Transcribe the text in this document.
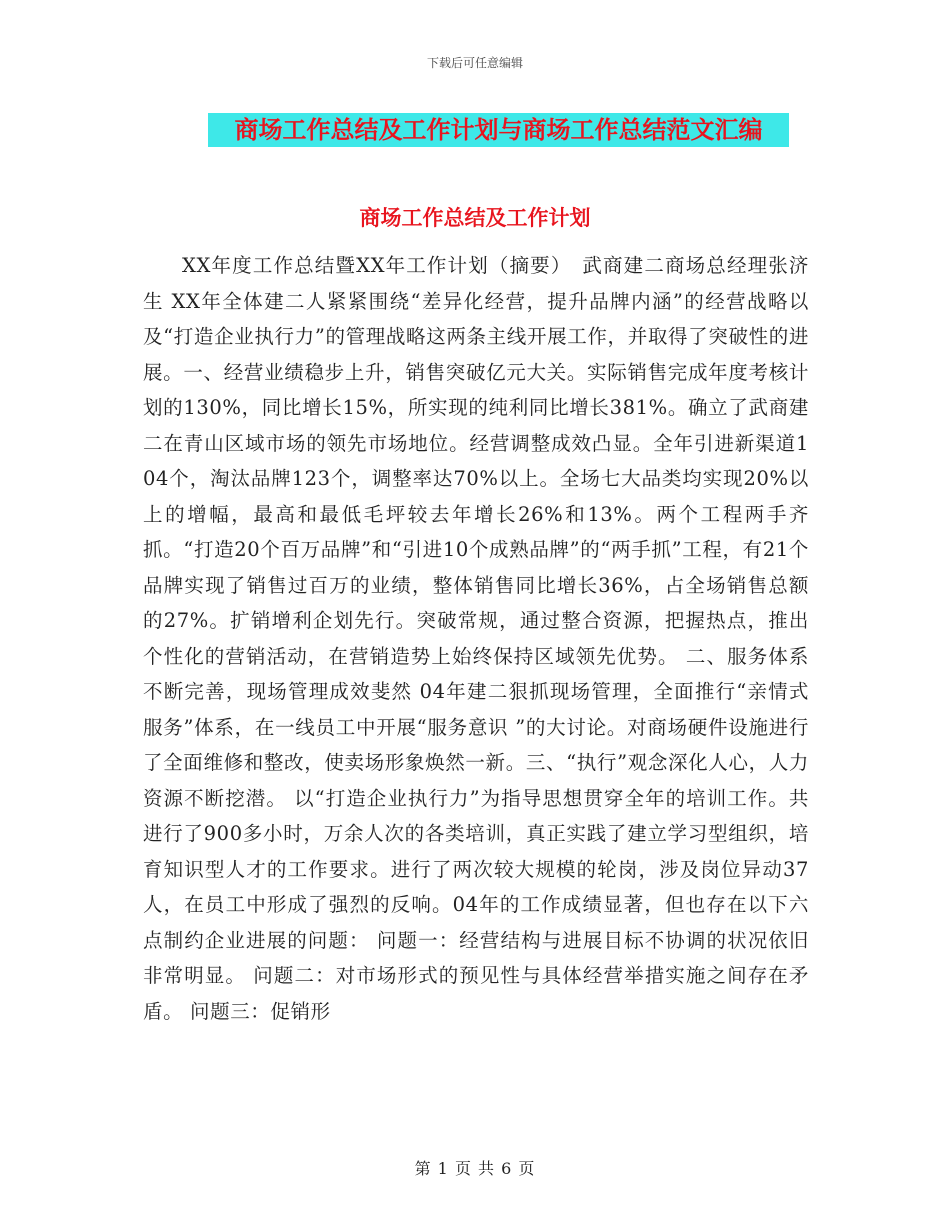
下载后可任意编辑
商场工作总结及工作计划与商场工作总结范文汇编
商场工作总结及工作计划

XX年度工作总结暨XX年工作计划（摘要）　武商建二商场总经理张济生 XX年全体建二人紧紧围绕“差异化经营，提升品牌内涵”的经营战略以及“打造企业执行力”的管理战略这两条主线开展工作，并取得了突破性的进展。一、经营业绩稳步上升，销售突破亿元大关。实际销售完成年度考核计划的130%，同比增长15%，所实现的纯利同比增长381%。确立了武商建二在青山区域市场的领先市场地位。经营调整成效凸显。全年引进新渠道104个，淘汰品牌123个，调整率达70%以上。全场七大品类均实现20%以上的增幅，最高和最低毛坪较去年增长26%和13%。两个工程两手齐抓。“打造20个百万品牌”和“引进10个成熟品牌”的“两手抓”工程，有21个品牌实现了销售过百万的业绩，整体销售同比增长36%，占全场销售总额的27%。扩销增利企划先行。突破常规，通过整合资源，把握热点，推出个性化的营销活动，在营销造势上始终保持区域领先优势。 二、服务体系不断完善，现场管理成效斐然 04年建二狠抓现场管理，全面推行“亲情式服务”体系，在一线员工中开展“服务意识 ”的大讨论。对商场硬件设施进行了全面维修和整改，使卖场形象焕然一新。三、“执行”观念深化人心，人力资源不断挖潜。 以“打造企业执行力”为指导思想贯穿全年的培训工作。共进行了900多小时，万余人次的各类培训，真正实践了建立学习型组织，培育知识型人才的工作要求。进行了两次较大规模的轮岗，涉及岗位异动37人，在员工中形成了强烈的反响。04年的工作成绩显著，但也存在以下六点制约企业进展的问题： 问题一：经营结构与进展目标不协调的状况依旧非常明显。 问题二：对市场形式的预见性与具体经营举措实施之间存在矛盾。 问题三：促销形

第 1 页 共 6 页
